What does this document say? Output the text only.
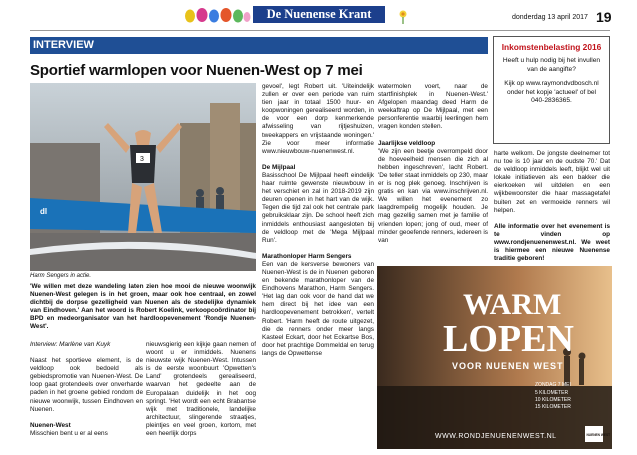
De Nuenense Krant	donderdag 13 april 2017 19
INTERVIEW
Sportief warmlopen voor Nuenen-West op 7 mei
dl
3
Harm Sengers in actie.

'We willen met deze wandeling laten zien hoe mooi de nieuwe woonwijk Nuenen-West gelegen is in het groen, maar ook hoe centraal, en zowel dichtbij de dorpse gezelligheid van Nuenen als de stedelijke dynamiek van Eindhoven.' Aan het woord is Robert Koelink, verkoopcoördinator bij BPD en medeorganisator van het hardloopevenement 'Rondje Nuenen-West'.

Interview: Marlène van Kuyk

Naast het sportieve element, is de veldloop ook bedoeld als gebiedspromotie van Nuenen-West. De loop gaat grotendeels over onverharde paden in het groene gebied rondom de nieuwe woonwijk, tussen Eindhoven en Nuenen.

Nuenen-West

Misschien bent u er al eens

nieuwsgierig een kijkje gaan nemen of woont u er inmiddels. Nuenens nieuwste wijk Nuenen-West. Intussen is de eerste woonbuurt 'Opwetten's Land' grotendeels gerealiseerd, waarvan het gedeelte aan de Europalaan duidelijk in het oog springt. 'Het wordt een echt Brabantse wijk met traditionele, landelijke architectuur, slingerende straatjes, pleintjes en veel groen, kortom, met een heerlijk dorps

gevoel', legt Robert uit. 'Uiteindelijk zullen er over een periode van ruim tien jaar in totaal 1500 huur- en koopwoningen gerealiseerd worden, in de voor een dorp kenmerkende afwisseling van rijtjeshuizen, tweekappers en vrijstaande woningen.' Zie voor meer informatie www.nieuwbouw-nuenenwest.nl.

De Mijlpaal

Basisschool De Mijlpaal heeft eindelijk haar ruimte gewenste nieuwbouw in het verschiet en zal in 2018-2019 zijn deuren openen in het hart van de wijk. Tegen die tijd zal ook het centrale park gebruiksklaar zijn. De school heeft zich inmiddels enthousiast aangesloten bij de veldloop met de 'Mega Mijlpaal Run'.

Marathonloper Harm Sengers

Een van de kersverse bewoners van Nuenen-West is de in Nuenen geboren en bekende marathonloper van de Eindhovens Marathon, Harm Sengers. 'Het lag dan ook voor de hand dat we hem direct bij het idee van een hardloopevenement betrokken', vertelt Robert. 'Harm heeft de route uitgezet, die de renners onder meer langs Kasteel Eckart, door het Eckartse Bos, door het prachtige Dommeldal en terug langs de Opwettense

watermolen voert, naar de startfinishplek in Nuenen-West.' Afgelopen maandag deed Harm de weekaftrap op De Mijlpaal, met een personferentie waarbij leerlingen hem vragen konden stellen.

Jaarlijkse veldloop

'We zijn een beetje overrompeld door de hoeveelheid mensen die zich al hebben ingeschreven', lacht Robert. 'De teller staat inmiddels op 230, maar er is nog plek genoeg. Inschrijven is gratis en kan via www.inschrijven.nl. We willen het evenement zo laagdrempelig mogelijk houden. Je mag gezellig samen met je familie of vrienden lopen; jong of oud, meer of minder geoefende renners, iedereen is van

harte welkom. De jongste deelnemer tot nu toe is 10 jaar en de oudste 70.' Dat de veldloop inmiddels leeft, blijkt wel uit lokale initiatieven als een bakker die eierkoeken wil uitdelen en een wijkbewoonster die haar massagetafel buiten zet en vermoeide renners wil helpen.

Alle informatie over het evenement is te vinden op www.rondjenuenenwest.nl. We weet is hiermee een nieuwe Nuenense traditie geboren!

Inkomstenbelasting 2016
Heeft u hulp nodig bij het invullen van de aangifte?
Kijk op www.raymondvdbosch.nl onder het kopje 'actueel' of bel 040-2836365.
WARM
LOPEN
VOOR NUENEN WEST
ZONDAG 7 MEI
5 KILOMETER
10 KILOMETER
15 KILOMETER
WWW.RONDJENUENENWEST.NL	NUENEN WEST
